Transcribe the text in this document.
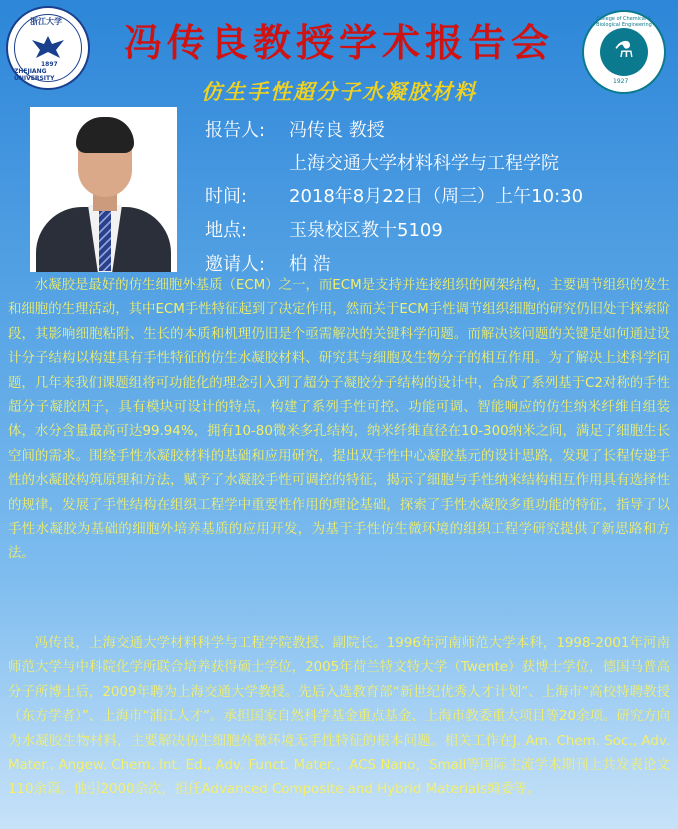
浙江大学
ZHEJIANG UNIVERSITY
1897
⚗
College of Chemical & Biological Engineering
1927
冯传良教授学术报告会
仿生手性超分子水凝胶材料
报告人: 冯传良 教授
上海交通大学材料科学与工程学院
时间: 2018年8月22日（周三）上午10:30
地点: 玉泉校区教十5109
邀请人: 柏 浩

水凝胶是最好的仿生细胞外基质（ECM）之一，而ECM是支持并连接组织的网架结构，主要调节组织的发生和细胞的生理活动，其中ECM手性特征起到了决定作用，然而关于ECM手性调节组织细胞的研究仍旧处于探索阶段，其影响细胞粘附、生长的本质和机理仍旧是个亟需解决的关键科学问题。而解决该问题的关键是如何通过设计分子结构以构建具有手性特征的仿生水凝胶材料、研究其与细胞及生物分子的相互作用。为了解决上述科学问题，几年来我们课题组将可功能化的理念引入到了超分子凝胶分子结构的设计中，合成了系列基于C2对称的手性超分子凝胶因子，具有模块可设计的特点，构建了系列手性可控、功能可调、智能响应的仿生纳米纤维自组装体，水分含量最高可达99.94%，拥有10-80微米多孔结构，纳米纤维直径在10-300纳米之间，满足了细胞生长空间的需求。围绕手性水凝胶材料的基础和应用研究，提出双手性中心凝胶基元的设计思路，发现了长程传递手性的水凝胶构筑原理和方法，赋予了水凝胶手性可调控的特征，揭示了细胞与手性纳米结构相互作用具有选择性的规律，发展了手性结构在组织工程学中重要性作用的理论基础，探索了手性水凝胶多重功能的特征，指导了以手性水凝胶为基础的细胞外培养基质的应用开发，为基于手性仿生微环境的组织工程学研究提供了新思路和方法。

冯传良，上海交通大学材料科学与工程学院教授、副院长。1996年河南师范大学本科，1998-2001年河南师范大学与中科院化学所联合培养获得硕士学位，2005年荷兰特文特大学（Twente）获博士学位，德国马普高分子所博士后，2009年聘为上海交通大学教授。先后入选教育部“新世纪优秀人才计划”、上海市“高校特聘教授（东方学者）”、上海市“浦江人才”。承担国家自然科学基金重点基金、上海市教委重大项目等20余项。研究方向为水凝胶生物材料，主要解决仿生细胞外微环境无手性特征的根本问题。相关工作在J. Am. Chem. Soc., Adv. Mater., Angew. Chem. Int. Ed., Adv. Funct. Mater.，ACS Nano，Small等国际主流学术期刊上共发表论文110余篇。他引2000余次，担任Advanced Composite and Hybrid Materials编委等。
